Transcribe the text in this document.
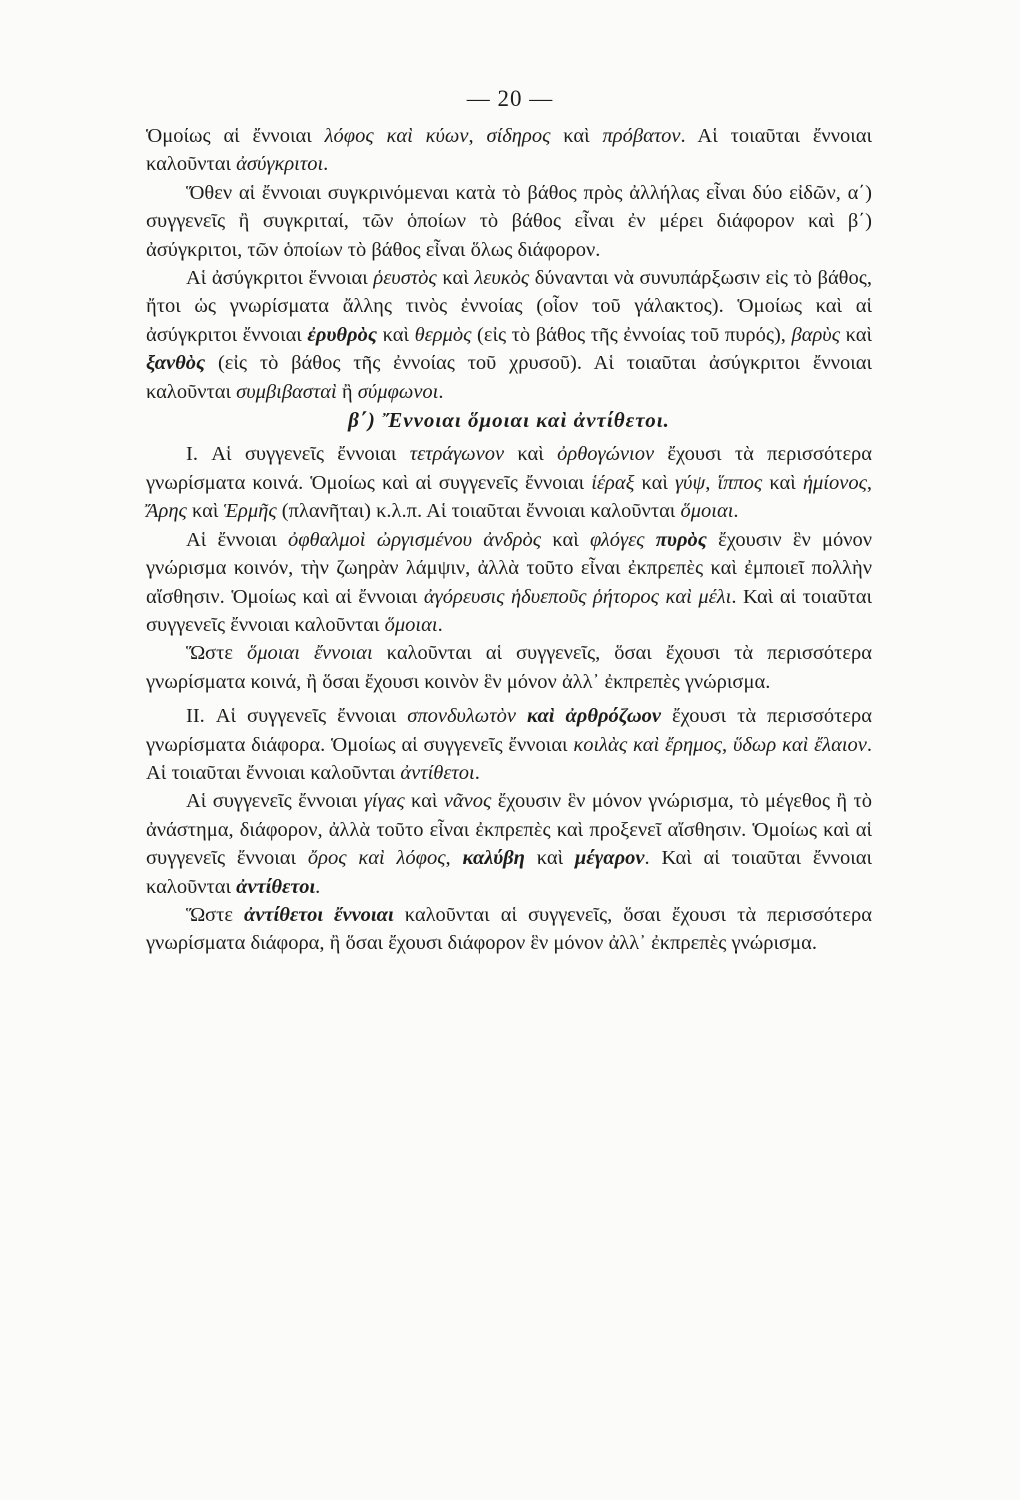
— 20 —

Ὁμοίως αἱ ἔννοιαι λόφος καὶ κύων, σίδηρος καὶ πρόβατον. Αἱ τοιαῦται ἔννοιαι καλοῦνται ἀσύγκριτοι.

Ὅθεν αἱ ἔννοιαι συγκρινόμεναι κατὰ τὸ βάθος πρὸς ἀλλήλας εἶναι δύο εἰδῶν, α΄) συγγενεῖς ἢ συγκριταί, τῶν ὁποίων τὸ βάθος εἶναι ἐν μέρει διάφορον καὶ β΄) ἀσύγκριτοι, τῶν ὁποίων τὸ βάθος εἶναι ὅλως διάφορον.

Αἱ ἀσύγκριτοι ἔννοιαι ῥευστὸς καὶ λευκὸς δύνανται νὰ συνυπάρξωσιν εἰς τὸ βάθος, ἤτοι ὡς γνωρίσματα ἄλλης τινὸς ἐννοίας (οἷον τοῦ γάλακτος). Ὁμοίως καὶ αἱ ἀσύγκριτοι ἔννοιαι ἐρυθρὸς καὶ θερμὸς (εἰς τὸ βάθος τῆς ἐννοίας τοῦ πυρός), βαρὺς καὶ ξανθὸς (εἰς τὸ βάθος τῆς ἐννοίας τοῦ χρυσοῦ). Αἱ τοιαῦται ἀσύγκριτοι ἔννοιαι καλοῦνται συμβιβασταὶ ἢ σύμφωνοι.

β΄) Ἔννοιαι ὅμοιαι καὶ ἀντίθετοι.

I. Αἱ συγγενεῖς ἔννοιαι τετράγωνον καὶ ὀρθογώνιον ἔχουσι τὰ περισσότερα γνωρίσματα κοινά. Ὁμοίως καὶ αἱ συγγενεῖς ἔννοιαι ἱέραξ καὶ γύψ, ἵππος καὶ ἡμίονος, Ἄρης καὶ Ἑρμῆς (πλανῆται) κ.λ.π. Αἱ τοιαῦται ἔννοιαι καλοῦνται ὅμοιαι.

Αἱ ἔννοιαι ὀφθαλμοὶ ὠργισμένου ἀνδρὸς καὶ φλόγες πυρὸς ἔχουσιν ἓν μόνον γνώρισμα κοινόν, τὴν ζωηρὰν λάμψιν, ἀλλὰ τοῦτο εἶναι ἐκπρεπὲς καὶ ἐμποιεῖ πολλὴν αἴσθησιν. Ὁμοίως καὶ αἱ ἔννοιαι ἀγόρευσις ἡδυεποῦς ῥήτορος καὶ μέλι. Καὶ αἱ τοιαῦται συγγενεῖς ἔννοιαι καλοῦνται ὅμοιαι.

Ὥστε ὅμοιαι ἔννοιαι καλοῦνται αἱ συγγενεῖς, ὅσαι ἔχουσι τὰ περισσότερα γνωρίσματα κοινά, ἢ ὅσαι ἔχουσι κοινὸν ἓν μόνον ἀλλ᾽ ἐκπρεπὲς γνώρισμα.

II. Αἱ συγγενεῖς ἔννοιαι σπονδυλωτὸν καὶ ἀρθρόζωον ἔχουσι τὰ περισσότερα γνωρίσματα διάφορα. Ὁμοίως αἱ συγγενεῖς ἔννοιαι κοιλὰς καὶ ἔρημος, ὕδωρ καὶ ἔλαιον. Αἱ τοιαῦται ἔννοιαι καλοῦνται ἀντίθετοι.

Αἱ συγγενεῖς ἔννοιαι γίγας καὶ νᾶνος ἔχουσιν ἓν μόνον γνώρισμα, τὸ μέγεθος ἢ τὸ ἀνάστημα, διάφορον, ἀλλὰ τοῦτο εἶναι ἐκπρεπὲς καὶ προξενεῖ αἴσθησιν. Ὁμοίως καὶ αἱ συγγενεῖς ἔννοιαι ὄρος καὶ λόφος, καλύβη καὶ μέγαρον. Καὶ αἱ τοιαῦται ἔννοιαι καλοῦνται ἀντίθετοι.

Ὥστε ἀντίθετοι ἔννοιαι καλοῦνται αἱ συγγενεῖς, ὅσαι ἔχουσι τὰ περισσότερα γνωρίσματα διάφορα, ἢ ὅσαι ἔχουσι διάφορον ἓν μόνον ἀλλ᾽ ἐκπρεπὲς γνώρισμα.
